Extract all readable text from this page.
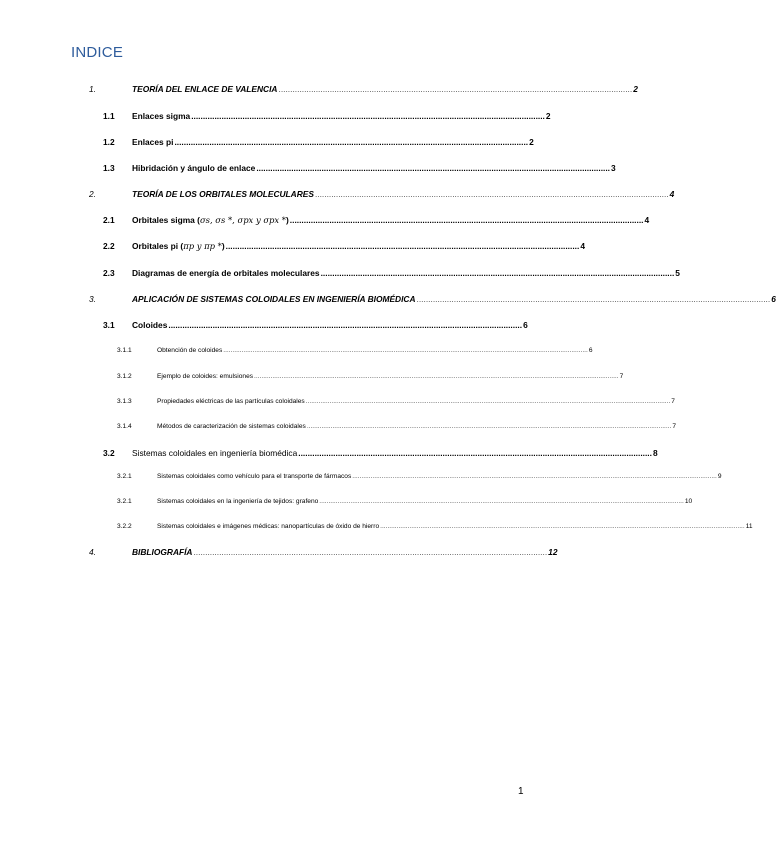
INDICE
1.	TEORÍA DEL ENLACE DE VALENCIA ........................................................................................................................................................ 2
1.1	Enlaces sigma ........................................................................................................................................................ 2
1.2	Enlaces pi ........................................................................................................................................................ 2
1.3	Hibridación y ángulo de enlace ........................................................................................................................................................ 3
2.	TEORÍA DE LOS ORBITALES MOLECULARES ........................................................................................................................................................ 4
2.1	Orbitales sigma (σs, σs *, σpx y σpx *) ........................................................................................................................................................ 4
2.2	Orbitales pi (πp y πp *) ........................................................................................................................................................ 4
2.3	Diagramas de energía de orbitales moleculares ........................................................................................................................................................ 5
3.	APLICACIÓN DE SISTEMAS COLOIDALES EN INGENIERÍA BIOMÉDICA ........................................................................................................................................................ 6
3.1	Coloides ........................................................................................................................................................ 6
3.1.1	Obtención de coloides ....................................................................................................................................................................................................... 6
3.1.2	Ejemplo de coloides: emulsiones ....................................................................................................................................................................................................... 7
3.1.3	Propiedades eléctricas de las partículas coloidales ....................................................................................................................................................................................................... 7
3.1.4	Métodos de caracterización de sistemas coloidales ....................................................................................................................................................................................................... 7
3.2	Sistemas coloidales en ingeniería biomédica ........................................................................................................................................................ 8
3.2.1	Sistemas coloidales como vehículo para el transporte de fármacos ....................................................................................................................................................................................................... 9
3.2.1	Sistemas coloidales en la ingeniería de tejidos: grafeno ....................................................................................................................................................................................................... 10
3.2.2	Sistemas coloidales e imágenes médicas: nanopartículas de óxido de hierro ....................................................................................................................................................................................................... 11
4.	BIBLIOGRAFÍA ........................................................................................................................................................ 12
1
